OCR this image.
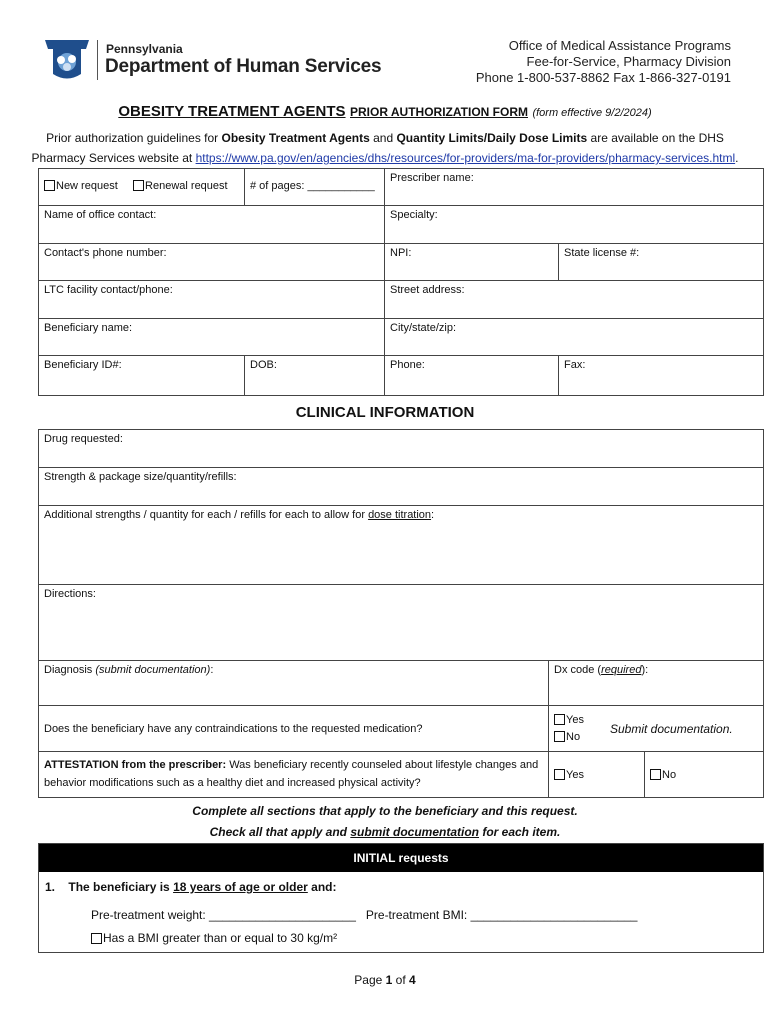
Pennsylvania
Department of Human Services
Office of Medical Assistance Programs
Fee-for-Service, Pharmacy Division
Phone 1-800-537-8862 Fax 1-866-327-0191
OBESITY TREATMENT AGENTS PRIOR AUTHORIZATION FORM (form effective 9/2/2024)
Prior authorization guidelines for Obesity Treatment Agents and Quantity Limits/Daily Dose Limits are available on the DHS
Pharmacy Services website at https://www.pa.gov/en/agencies/dhs/resources/for-providers/ma-for-providers/pharmacy-services.html.
New request Renewal request	# of pages: ___________	Prescriber name:	
Name of office contact:		Specialty:	
Contact's phone number:		NPI:	State license #:
LTC facility contact/phone:		Street address:	
Beneficiary name:		City/state/zip:	
Beneficiary ID#:	DOB:	Phone:	Fax:
CLINICAL INFORMATION
Drug requested:		
Strength & package size/quantity/refills:		
Additional strengths / quantity for each / refills for each to allow for dose titration:		
Directions:		
Diagnosis (submit documentation):	Dx code (required):	
Does the beneficiary have any contraindications to the requested medication?	Yes
No
Submit documentation.	

ATTESTATION from the prescriber: Was beneficiary recently counseled about lifestyle changes and behavior modifications such as a healthy diet and increased physical activity?	Yes	No
Complete all sections that apply to the beneficiary and this request.
Check all that apply and submit documentation for each item.
INITIAL requests
1. The beneficiary is 18 years of age or older and:
Pre-treatment weight: ______________________ Pre-treatment BMI: _________________________
Has a BMI greater than or equal to 30 kg/m²
Page 1 of 4
